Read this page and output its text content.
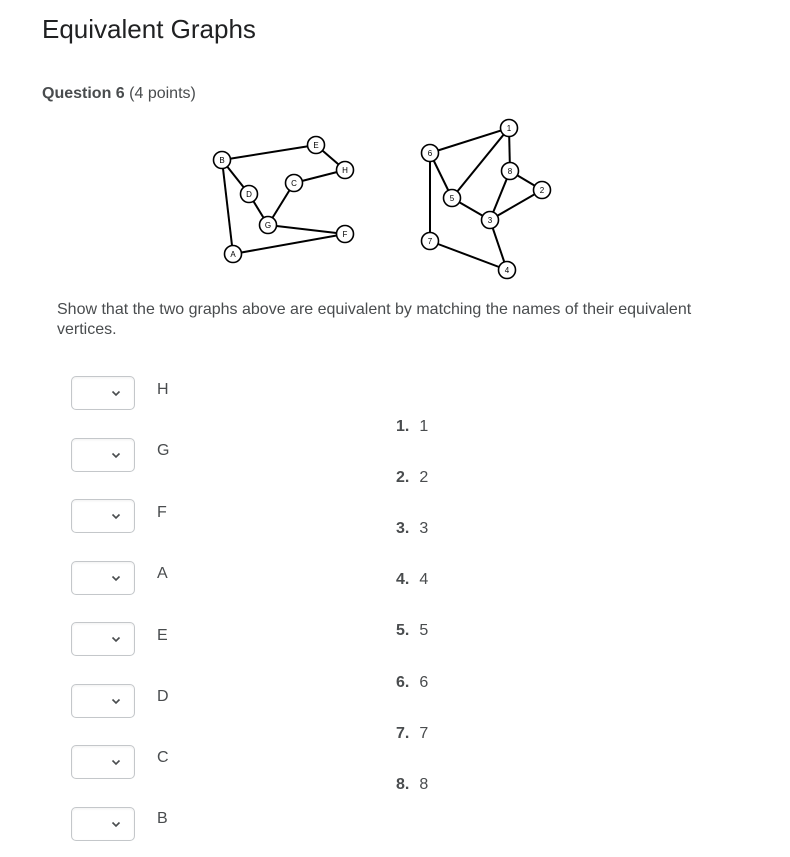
Equivalent Graphs
Question 6 (4 points)
B
E
H
C
D
G
F
A
1
6
8
2
5
3
7
4
Show that the two graphs above are equivalent by matching the names of their equivalent vertices.
H
G
F
A
E
D
C
B
1. 1
2. 2
3. 3
4. 4
5. 5
6. 6
7. 7
8. 8
